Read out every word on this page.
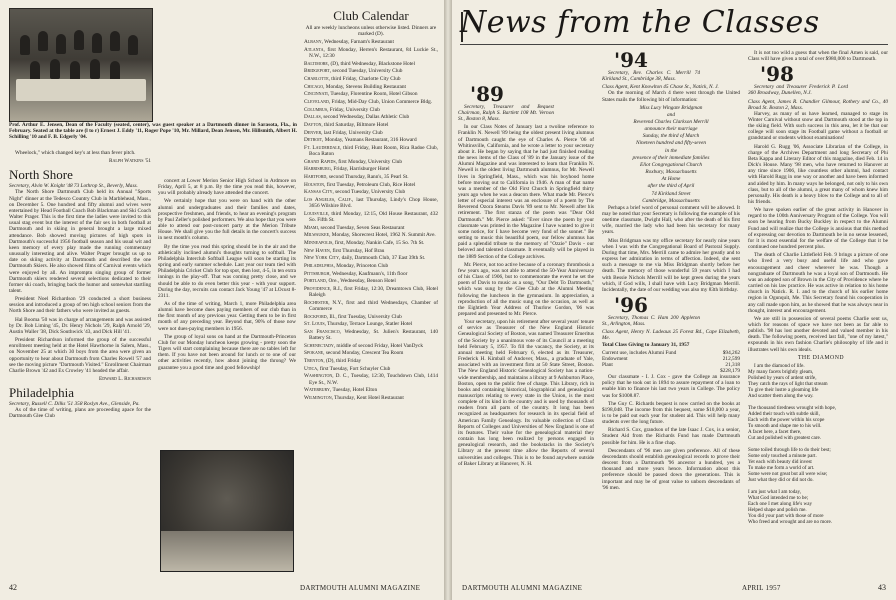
Prof. Arthur E. Jensen, Dean of the Faculty (seated, center), was guest speaker at a Dartmouth dinner in Sarasota, Fla., in February. Seated at the table are (l to r) Ernest J. Eddy '11, Roger Pope '10, Mr. Millard, Dean Jensen, Mr. Hillsmith, Albert H. Schilling '10 and F. B. Edgerly '04.

Wheelock," which changed key's at less than fever pitch.

Ralph Watkins '51

North Shore

Secretary, Alvin W. Knight '48 73 Lothrop St., Beverly, Mass.

The North Shore Dartmouth Club held its Annual "Sports Night" dinner at the Tedesco Country Club in Marblehead, Mass., on December 5. One hundred and fifty alumni and wives were entertained by Head Football Coach Bob Blackman and Ski Coach Walter Prager. This is the first time the ladies were invited to this usual stag event but the interest of the fair sex in both football at Dartmouth and in skiing in general brought a large mixed attendance. Bob showed moving pictures of high spots in Dartmouth's successful 1956 football season and his usual wit and keen memory of every play made the running commentary unusually interesting and alive. Walter Prager brought us up to date on skiing activity at Dartmouth and described the one Dartmouth Skiers. He also showed films of Carnival events which were enjoyed by all. An impromptu singing group of former Dartmouth skiers rendered several selections dedicated to their former ski coach, bringing back the humor and somewhat startling talent.

President Noel Richardson '29 conducted a short business session and introduced a group of ten high school seniors from the North Shore and their fathers who were invited as guests.

Hal Booma '50 was in charge of arrangements and was assisted by Dr. Bob Liming '45, Dr. Henry Nichols '29, Ralph Arnold '29, Austin Waller '38, Dick Southwick '43, and Dick Hill '41.

President Richardson informed the group of the successful enrollment meeting held at the Hotel Hawthorne in Salem, Mass., on November 25 at which 30 boys from the area were given an opportunity to hear about Dartmouth from Charles Rowell '57 and see the moving picture "Dartmouth Visited." Enrollment Chairman Charlie Brown '42 and Ex Crowley '41 headed the affair.

Edward L. Richardson

Philadelphia

Secretary, Russell C. Dilks '51 358 Roslyn Ave., Glenside, Pa.

As of the time of writing, plans are proceeding apace for the Dartmouth Glee Club

concert at Lower Merion Senior High School in Ardmore on Friday, April 5, at 8 p.m. By the time you read this, however, you will probably already have attended the concert.

We certainly hope that you were on hand with the other alumni and undergraduates and their families and dates, prospective freshmen, and friends, to hear an evening's program by Paul Zeller's polished performers. We also hope that you were able to attend our post-concert party at the Merion Tribute House. We shall give you the full details in the concert's success in next month's column.

By the time you read this spring should be in the air and the athletically inclined alumni's thoughts turning to softball. The Philadelphia Interclub Softball League will soon be starting its spring and early summer schedule. Last year our team tied with Philadelphia Cricket Club for top spot, then lost, 4-5, in ten extra innings in the play-off. That was coming pretty close, and we should be able to do even better this year - with your support. During the day, recruits can contact Jack Young '47 at LOcust 8-2311.

As of the time of writing, March 1, more Philadelphia area alumni have become dues paying members of our club than in the first month of any previous year. Getting them to be in first month of any preceding year. Beyond that, 90% of those now were not dues-paying members in 1956.

The group of loyal sons on hand at the Dartmouth-Princeton Club for our Monday luncheon keeps growing - pretty soon the Tigers will start complaining because there are no tables left for them. If you have not been around for lunch or to one of our other activities recently, how about joining the throng? We guarantee you a good time and good fellowship!

Club Calendar

All are weekly luncheons unless otherwise listed. Dinners are marked (D).

Albany, Wednesday, Farnam's Restaurant

Atlanta, first Monday, Herren's Restaurant, 84 Luckie St., N.W., 12:30

Baltimore, (D), third Wednesday, Blackstone Hotel

Bridgeport, second Tuesday, University Club

Charlotte, third Friday, Charlotte City Club

Chicago, Monday, Stevens Building Restaurant

Cincinnati, Tuesday, Florentine Room, Hotel Gibson

Cleveland, Friday, Mid-Day Club, Union Commerce Bldg.

Columbus, Friday, University Club

Dallas, second Wednesday, Dallas Athletic Club

Dayton, third Saturday, Biltmore Hotel

Denver, last Friday, University Club

Detroit, Monday, Yeamans Restaurant, 316 Howard

Ft. Lauderdale, third Friday, Hunt Room, Rica Radoe Club, Boca Raton

Grand Rapids, first Monday, University Club

Harrisburg, Friday, Harrisburger Hotel

Hartford, second Thursday, Rann's, 35 Pearl St.

Houston, first Tuesday, Petroleum Club, Rice Hotel

Kansas City, second Tuesday, University Club

Los Angeles, Calif., last Thursday, Lindy's Chop House, 3656 Wilshire Blvd.

Louisville, third Monday, 12:15, Old House Restaurant, 432 So. Fifth St.

Miami, second Tuesday, Seven Seas Restaurant

Milwaukee, Monday, Shorecrest Hotel, 1962 N. Summit Ave.

Minneapolis, first, Monday, Nankin Cafe, 15 So. 7th St.

New Haven, first Thursday, Hof Brau

New York City, daily, Dartmouth Club, 37 East 39th St.

Philadelphia, Monday, Princeton Club

Pittsburgh, Wednesday, Kaufmann's, 11th floor

Portland, Ore., Wednesday, Benson Hotel

Providence, R.I., first Friday, 12:30, Dreamtown Club, Hotel Raleigh

Rochester, N.Y., first and third Wednesdays, Chamber of Commerce

Rockford, Ill., first Tuesday, University Club

St. Louis, Thursday, Terrace Lounge, Statler Hotel

San Francisco, Wednesday, St. Julien's Restaurant, 140 Battery St.

Schenectady, middle of second Friday, Hotel VanDyck

Spokane, second Monday, Crescent Tea Room

Trenton, (D), third Friday

Utica, first Tuesday, Fort Schuyler Club

Washington, D. C., Tuesday, 12:30, Touchdown Club, 1414 Eye St., N.W.

Waterbury, Tuesday, Hotel Elton

Wilmington, Thursday, Kent Hotel Restaurant

42	DARTMOUTH ALUMNI MAGAZINE
News from the Classes

'89Secretary, Treasurer and Bequest Chairman, Ralph S. Bartlett 108 Mt. Vernon St., Boston 8, Mass.

In our Class Notes of January last a twoline reference to Franklin N. Newell '89 being the oldest present living alumnus of Dartmouth caught the eye of Charles A. Pierce '06 of Whitinsville, California, and he wrote a letter to your secretary about it. He began by saying that he had just finished reading the news items of the Class of '89 in the January issue of the Alumni Magazine and was interested to learn that Franklin N. Newell is the oldest living Dartmouth alumnus, for Mr. Newell lives in Springfield, Mass., which was his boyhood home before moving out to California in 1946. A man of that name was a member of the Old First Church in Springfield thirty years ago when he was a deacon there. What made Mr. Pierce's letter of especial interest was an enclosure of a poem by The Reverend Ozora Stearns Davis '89 sent to Mr. Newell after his retirement. The first stanza of the poem was "Dear Old Dartmouth." Mr. Pierce asked: "Ever since the poem by your classmate was printed in the Magazine I have wanted to give it some notice, for I have become very fond of the sonnet." Be setting to music this beautiful poem, our fellow alumnus has paid a splendid tribute to the memory of "Ozzie" Davis - our beloved and talented classmate. It eventually will be played in the 1889 Section of the College archives.

Mr. Pierce, not too active because of a coronary thrombosis a few years ago, was not able to attend the 50-Year Anniversary of his Class of 1906, but to commemorate the event he set the poem of Davis to music as a song, "Our Debt To Dartmouth," which was sung by the Glee Club at the Alumni Meeting following the luncheon in the gymnasium. In appreciation, a reproduction of all the music sung on the occasion, as well as the Eightieth Year Address of Thurlow Gordon, '06 was prepared and presented to Mr. Pierce.

Your secretary, upon his retirement after several years' tenure of service as Treasurer of the New England Historic Genealogical Society of Boston, was named Treasurer Emeritus of the Society by a unanimous vote of its Council at a meeting held February 5, 1957. To fill the vacancy, the Society, at its annual meeting held February 6, elected as its Treasurer, Frederick H. Kimball of Andover, Mass., a graduate of Yale, associated with an investment firm at 50 State Street, Boston. The New England Historic Genealogical Society has a nation-wide membership, and maintains a library at 9 Ashburton Place, Boston, open to the public free of charge. This Library, rich in books and containing historical, biographical and genealogical manuscripts relating to every state in the Union, is the most complete of its kind in the country and is used by thousands of readers from all parts of the country. It long has been recognized as headquarters for research in its special field of American Family Genealogy. Its valuable collection of Class Reports of Colleges and Universities of New England is one of its features. Their value for the genealogical material they contain has long been realized by persons engaged in genealogical research, and the bookstacks in the Society's Library at the present time allow the Reports of several universities and colleges. This is to be found anywhere outside of Baker Library at Hanover, N. H.

'94Secretary, Rev. Charles C. Merrill 74 Kirkland St., Cambridge 38, Mass.

Class Agent, Kent Knowlton 45 Chase St., Natick, N. J.

On the morning of March 4 there went through the United States mails the following bit of information:

Miss Lucy Wingate Bridgman
and
Reverend Charles Clarkson Merrill
announce their marriage
Sunday, the third of March
Nineteen hundred and fifty-seven
in the
presence of their immediate families
Eliot Congregational Church
Roxbury, Massachusetts
At Home
after the third of April
74 Kirkland Street
Cambridge, Massachusetts

Perhaps a brief word of personal comment will be allowed. It may be noted that your Secretary is following the example of his onetime classmate, Dwight Hall, who after the death of his first wife, married the lady who had been his secretary for many years.

Miss Bridgman was my office secretary for nearly nine years when I was with the Congregational Board of Pastoral Supply. During that time, Mrs. Merrill came to admire her greatly and to express her admiration in terms of affection. Indeed, she sent such a message to me via Miss Bridgman shortly before her death. The memory of those wonderful 59 years which I had with Bessie Nichols Merrill will be kept green during the years which, if God wills, I shall have with Lucy Bridgman Merrill. Incidentally, the date of our wedding was also my 83th birthday.

'96Secretary, Thomas C. Ham 200 Appleton St., Arlington, Mass.

Class Agent, Henry N. Ladeaux 25 Forest Rd., Cape Elizabeth, Me.

Total Class Giving to January 31, 1957

Current use, includes Alumni Fund	$94,262
Endowment	212,599
Plant	21,318
	$228,179

Our classmate - I. J. Cox - gave the College an insurance policy that he took out in 1894 to assure repayment of a loan to enable him to finance his last two years in College. The policy was for $1008.87.

The Guy C. Richards bequest is now carried on the books at $198,048. The income from this bequest, some $10,000 a year, is to be paid out each year for student aid. This will help many students over the long future.

Richard S. Cox, grandson of the late Isaac J. Cox, is a senior, Student Aid from the Richards Fund has made Dartmouth possible for him. He is a fine chap.

Descendants of '96 men are given preference. All of these descendants should establish genealogical records to prove their descent from a Dartmouth '96 ancestor a hundred, yes a thousand and more years hence. Information about this preference should be passed down the generations. This is important and may be of great value to unborn descendants of '96 men.

It is not too wild a guess that when the final Amen is said, our Class will have given a total of over $980,000 to Dartmouth.

'98Secretary and Treasurer Frederick P. Lord 360 Broadway, Dunellen, N.J.

Class Agent, James R. Chandler Gilmour, Rothery and Co., 40 Broad St. Boston 2, Mass.

Harvey, as many of us have learned, managed to stage its Winter Carnival without snow and Dartmouth stood at the top in the skiing field. With such success in this area, let it be that our college will soon stage its Football game without a football or grandstand or students without examinations!

Harold G. Rugg '06, Associate Librarian of the College, in charge of the Archives Department and long Secretary of Phi Beta Kappa and Literary Editor of this magazine, died Feb. 14 in Dick's House. Many '98 men, who have returned to Hanover at any time since 1906, like countless other alumni, had contact with Harold Rugg in one way or another and have been informed and aided by him. In many ways he belonged, not only to his own class, but to all of the alumni, a great many of whom knew him personally. His death is a heavy blow to the College and to all of his friends.

We have spoken earlier of the great activity in Hanover in regard to the 100th Anniversary Program of the College. You will soon be hearing from Bucky Buckley in respect to the Alumni Fund and will realize that the College is anxious that this method of expressing our devotion to Dartmouth be in no sense lessened, for it is most essential for the welfare of the College that it be continued one hundred percent plus.

The death of Charlie Littlefield Feb. 9 brings a picture of one who lived a very busy and useful life and who gave encouragement and cheer wherever he was. Though a nongraduate of Dartmouth he was a loyal son of Dartmouth. He was an adopted son of Brown in the City of Providence where he carried on his law practice. He was active in relation to his home church in Natick. R. I. and to the church of his earlier home region in Ogunquit, Me. This Secretary found his cooperation in any call made upon him, as he showed that he was always near in thought, interest and encouragement.

We are still in possession of several poems Charlie sent us, which for reasons of space we have not been as far able to publish. '98 has lost another devoted and valued member in his death. The following poem, received last fall, "one of my latest," expounds in his own fashion Charlie's philosophy of life and it illustrates well his own ideals.

THE DIAMOND

I am the diamond of life.
My many facets brightly gleam,
Polished by years of ardent strife,
They catch the rays of light that stream
To give their lustre a gleaming life
And scatter them along the way.

The thousand tiredness wrought with hope,
Added their touch with subtle skill,
Each with the power within his scope
To smooth and shape me to his will.
A facet here, a facet there,
Cut and polished with greatest care.

Some toiled through life to do their best;
Some only touched a minute part.
Yet each with beauty did invest
To make me form a world of art.
Some were not great but all were wise;
Just what they did or did not do.

I am just what I am today,
What God intended me to be;
Each one I met along life's way
Helped shape and polish me.
You did your part with those of more
Who freed and wrought and are no more.

DARTMOUTH ALUMNI MAGAZINE	APRIL 1957	43
